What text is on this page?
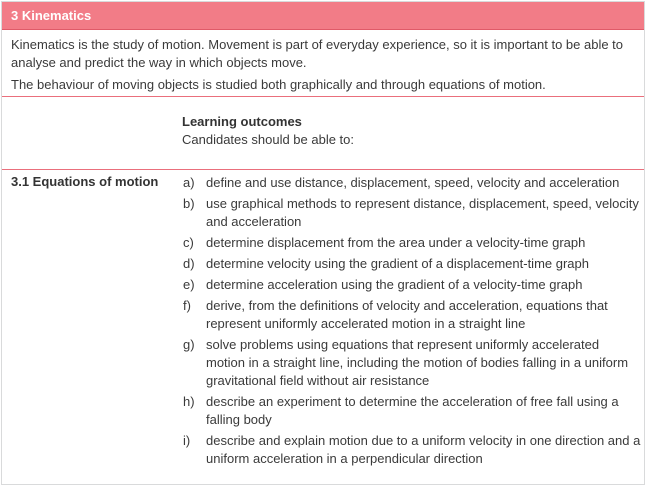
3 Kinematics

Kinematics is the study of motion. Movement is part of everyday experience, so it is important to be able to analyse and predict the way in which objects move.

The behaviour of moving objects is studied both graphically and through equations of motion.

Learning outcomes
Candidates should be able to:
3.1 Equations of motion a) define and use distance, displacement, speed, velocity and acceleration
b) use graphical methods to represent distance, displacement, speed, velocity and acceleration
c) determine displacement from the area under a velocity-time graph
d) determine velocity using the gradient of a displacement-time graph
e) determine acceleration using the gradient of a velocity-time graph
f)	derive, from the definitions of velocity and acceleration, equations that represent uniformly accelerated motion in a straight line
g) solve problems using equations that represent uniformly accelerated motion in a straight line, including the motion of bodies falling in a uniform gravitational field without air resistance
h) describe an experiment to determine the acceleration of free fall using a falling body
i)	describe and explain motion due to a uniform velocity in one direction and a uniform acceleration in a perpendicular direction
